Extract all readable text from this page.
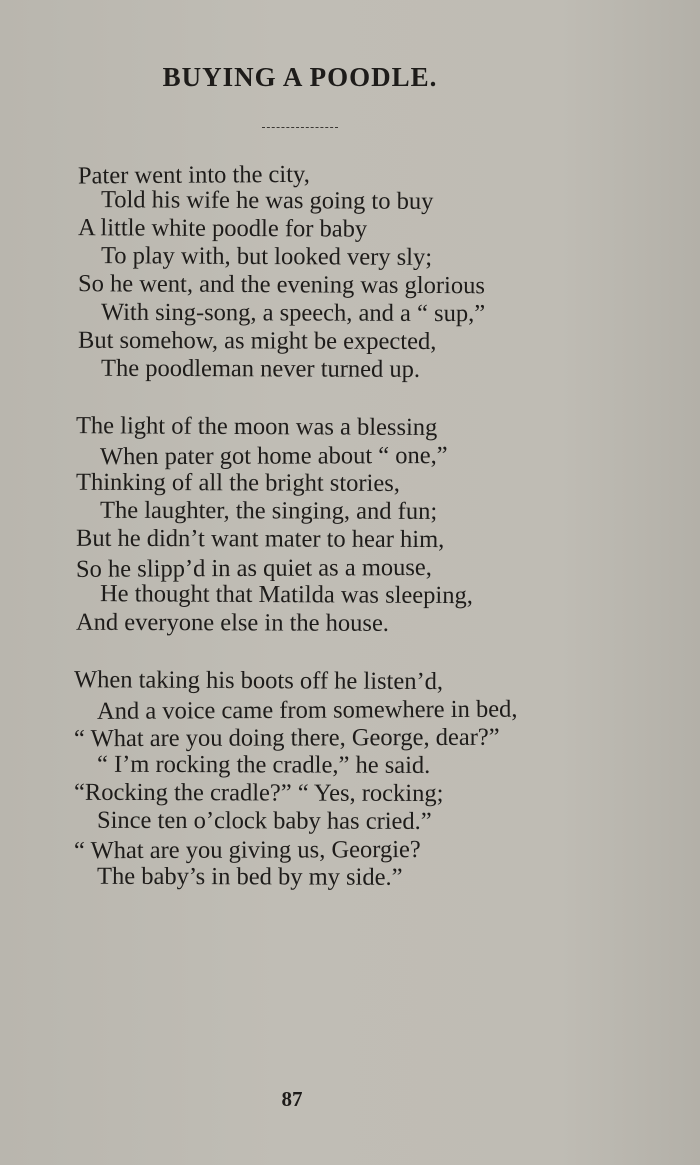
BUYING A POODLE.
Pater went into the city,
Told his wife he was going to buy
A little white poodle for baby
To play with, but looked very sly;
So he went, and the evening was glorious
With sing-song, a speech, and a “ sup,”
But somehow, as might be expected,
The poodleman never turned up.
The light of the moon was a blessing
When pater got home about “ one,”
Thinking of all the bright stories,
The laughter, the singing, and fun;
But he didn’t want mater to hear him,
So he slipp’d in as quiet as a mouse,
He thought that Matilda was sleeping,
And everyone else in the house.
When taking his boots off he listen’d,
And a voice came from somewhere in bed,
“ What are you doing there, George, dear?”
“ I’m rocking the cradle,” he said.
“Rocking the cradle?” “ Yes, rocking;
Since ten o’clock baby has cried.”
“ What are you giving us, Georgie?
The baby’s in bed by my side.”
87
